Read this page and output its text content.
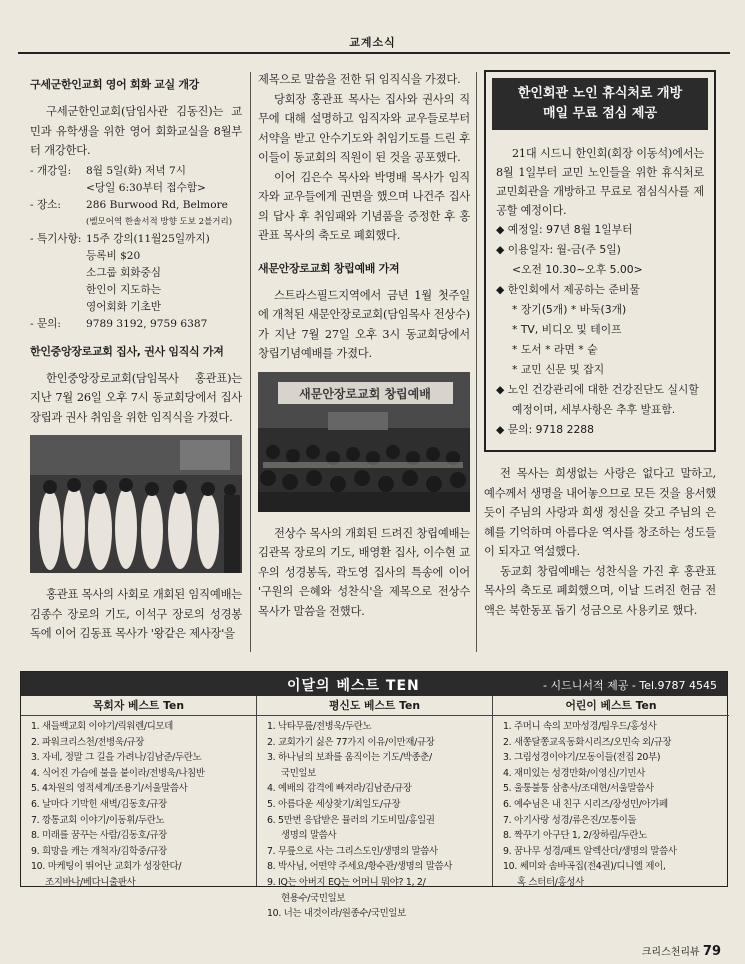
교계소식
구세군한인교회 영어 회화 교실 개강

구세군한인교회(담임사관 김동진)는 교민과 유학생을 위한 영어 회화교실을 8월부터 개강한다.

- 개강일: 8월 5일(화) 저녁 7시
<당일 6:30부터 접수함>
- 장소: 286 Burwood Rd, Belmore
(벨모어역 한솔서적 방향 도보 2블거리)
- 특기사항: 15주 강의(11월25일까지)
등록비 $20
소그룹 회화중심
한인이 지도하는
영어회화 기초반
- 문의: 9789 3192, 9759 6387
한인중앙장로교회 집사, 권사 임직식 가져

한인중앙장로교회(담임목사 홍관표)는 지난 7월 26일 오후 7시 동교회당에서 집사 장립과 권사 취임을 위한 임직식을 가졌다.

홍관표 목사의 사회로 개회된 임직예배는 김종수 장로의 기도, 이석구 장로의 성경봉독에 이어 김동표 목사가 '왕같은 제사장'을

제목으로 말씀을 전한 뒤 임직식을 가졌다.

당회장 홍관표 목사는 집사와 권사의 직무에 대해 설명하고 임직자와 교우들로부터 서약을 받고 안수기도와 취임기도를 드린 후 이들이 동교회의 직원이 된 것을 공포했다.

이어 김은수 목사와 박명배 목사가 임직자와 교우들에게 권면을 했으며 나건주 집사의 답사 후 취임패와 기념품을 증정한 후 홍관표 목사의 축도로 폐회했다.

새문안장로교회 창립예배 가져

스트라스필드지역에서 금년 1월 첫주일에 개척된 새문안장로교회(담임목사 전상수)가 지난 7월 27일 오후 3시 동교회당에서 창립기념예배를 가졌다.

새문안장로교회 창립예배

전상수 목사의 개회된 드려진 창립예배는 김관목 장로의 기도, 배영환 집사, 이수현 교우의 성경봉독, 곽도영 집사의 특송에 이어 '구원의 은혜와 성찬식'을 제목으로 전상수 목사가 말씀을 전했다.

한인회관 노인 휴식처로 개방
매일 무료 점심 제공

21대 시드니 한인회(회장 이동석)에서는 8월 1일부터 교민 노인들을 위한 휴식처로 교민회관을 개방하고 무료로 점심식사를 제공할 예정이다.

◆ 예정일: 97년 8월 1일부터
◆ 이용일자: 월-금(주 5일)
<오전 10.30~오후 5.00>
◆ 한인회에서 제공하는 준비물
* 장기(5개) * 바둑(3개)
* TV, 비디오 및 테이프
* 도서 * 라면 * 숱
* 교민 신문 및 잡지
◆ 노인 건강관리에 대한 건강진단도 실시할 예정이며, 세부사항은 추후 발표함.
◆ 문의: 9718 2288

전 목사는 희생없는 사랑은 없다고 말하고, 예수께서 생명을 내어놓으므로 모든 것을 용서했듯이 주님의 사랑과 희생 정신을 갖고 주님의 은혜를 기억하며 아름다운 역사를 창조하는 성도들이 되자고 역설했다.

동교회 창립예배는 성찬식을 가진 후 홍관표 목사의 축도로 폐회했으며, 이날 드려진 헌금 전액은 북한동포 돕기 성금으로 사용키로 했다.

이달의 베스트 TEN	- 시드니서적 제공 - Tel.9787 4545
목회자 베스트 Ten
1. 새들백교회 이야기/릭워렌/디모데
2. 파워크리스천/전병욱/규장
3. 자네, 정말 그 길을 가려나/김남준/두란노
4. 식어진 가슴에 불을 붙이라/전병욱/나침반
5. 4차원의 영적세계/조용기/서울말씀사
6. 날마다 기막힌 새벽/김동호/규장
7. 깡통교회 이야기/이동휘/두란노
8. 미래를 꿈꾸는 사람/김동호/규장
9. 희망을 캐는 개척자/김학중/규장
10. 마케팅이 뛰어난 교회가 성장한다/
조지바나/베다니출판사
평신도 베스트 Ten
1. 낙타무릎/전병욱/두란노
2. 교회가기 싫은 77가지 이유/이만재/규장
3. 하나님의 보좌를 움직이는 기도/박종춘/
국민일보
4. 예배의 감격에 빠져라/김남준/규장
5. 아름다운 세상찾기/최일도/규장
6. 5만번 응답받은 뮬러의 기도비밀/홍일권
생명의 말씀사
7. 무릎으로 사는 그리스도인/생명의 말씀사
8. 박사님, 어떤약 주세요/황수관/생명의 말씀사
9. IQ는 아버지 EQ는 어머니 뭐야? 1, 2/
현용수/국민일보
10. 너는 내것이라/원종수/국민일보
어린이 베스트 Ten
1. 주머니 속의 꼬마성경/팀우드/홍성사
2. 새쫑달쫑교육동화시리즈/오민숙 외/규장
3. 그림성경이야기/모동이들(전집 20부)
4. 재미있는 성경만화/이영신/기민사
5. 울퉁불퉁 삼총사/조대현/서울말씀사
6. 예수님은 내 친구 시리즈/장성민/아가페
7. 아기사랑 성경/류은진/모통이돌
8. 짝꾸기 아구단 1, 2/장하림/두란노
9. 꿈나무 성경/패트 알렉산더/생명의 말씀사
10. 쎄미와 솜바곡집(전4권)/디니엘 제이,
혹 스터터/홍성사
크리스천리뷰 79
